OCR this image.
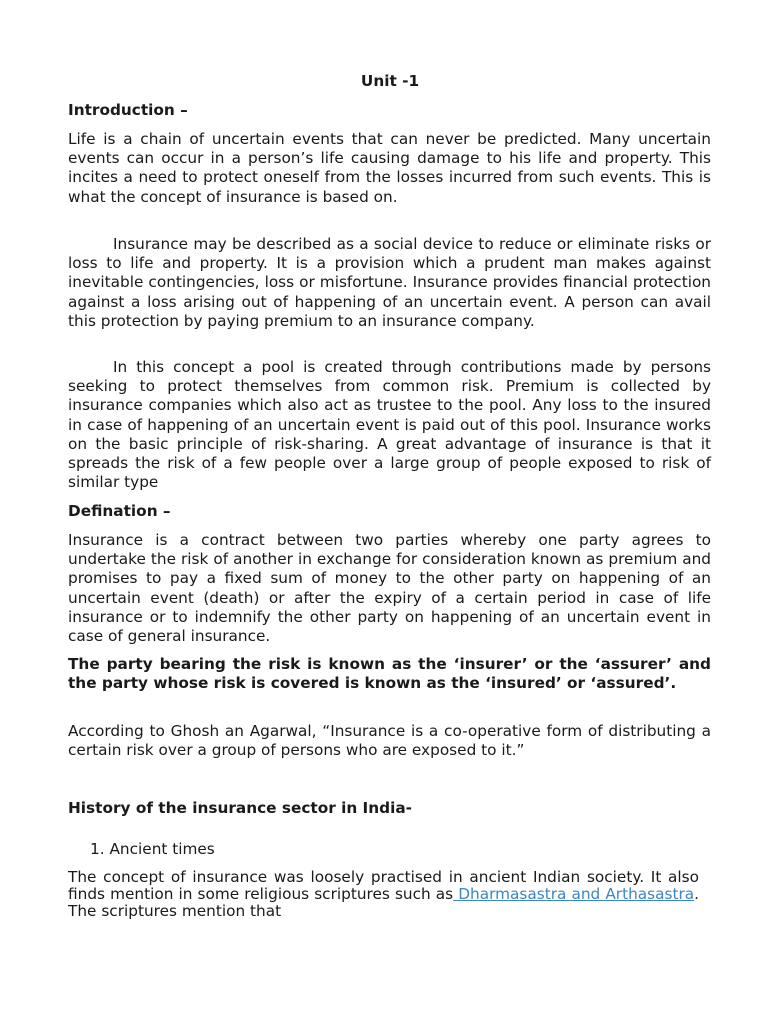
Unit -1

Introduction –

Life is a chain of uncertain events that can never be predicted. Many uncertain events can occur in a person’s life causing damage to his life and property. This incites a need to protect oneself from the losses incurred from such events. This is what the concept of insurance is based on.

Insurance may be described as a social device to reduce or eliminate risks or loss to life and property. It is a provision which a prudent man makes against inevitable contingencies, loss or misfortune. Insurance provides financial protection against a loss arising out of happening of an uncertain event. A person can avail this protection by paying premium to an insurance company.

In this concept a pool is created through contributions made by persons seeking to protect themselves from common risk. Premium is collected by insurance companies which also act as trustee to the pool. Any loss to the insured in case of happening of an uncertain event is paid out of this pool. Insurance works on the basic principle of risk-sharing. A great advantage of insurance is that it spreads the risk of a few people over a large group of people exposed to risk of similar type

Defination –

Insurance is a contract between two parties whereby one party agrees to undertake the risk of another in exchange for consideration known as premium and promises to pay a fixed sum of money to the other party on happening of an uncertain event (death) or after the expiry of a certain period in case of life insurance or to indemnify the other party on happening of an uncertain event in case of general insurance.

The party bearing the risk is known as the ‘insurer’ or the ‘assurer’ and the party whose risk is covered is known as the ‘insured’ or ‘assured’.

According to Ghosh an Agarwal, “Insurance is a co-operative form of distributing a certain risk over a group of persons who are exposed to it.”

History of the insurance sector in India-

1. Ancient times

The concept of insurance was loosely practised in ancient Indian society. It also finds mention in some religious scriptures such as Dharmasastra and Arthasastra. The scriptures mention that
